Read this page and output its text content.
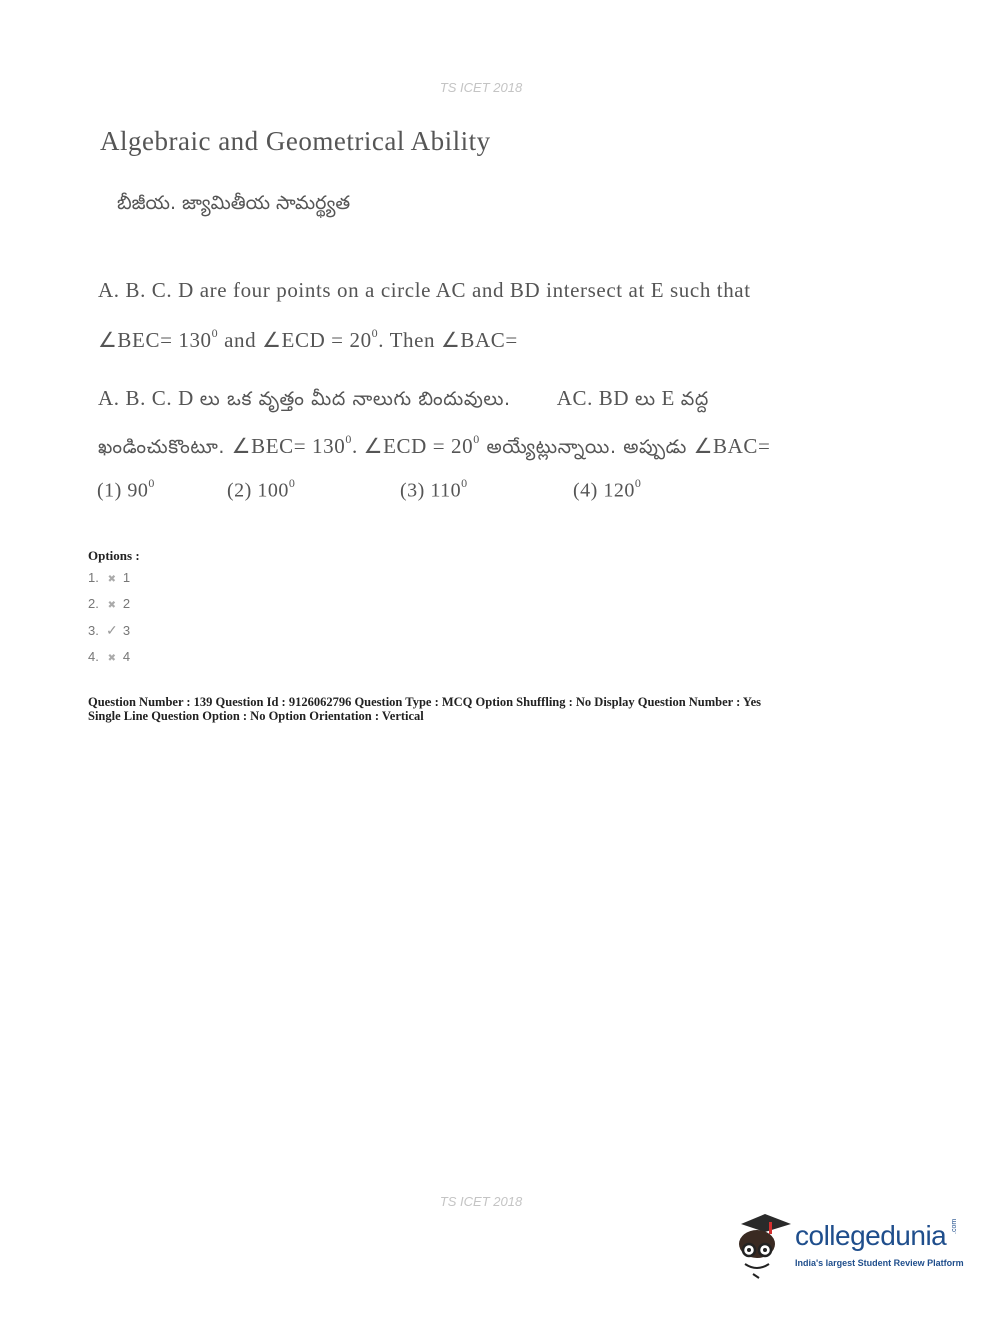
TS ICET 2018
Algebraic and Geometrical Ability
బీజీయ. జ్యామితీయ సామర్థ్యత
A. B. C. D are four points on a circle AC and BD intersect at E such that
∠BEC= $130^0$ and ∠ECD = $20^0$. Then ∠BAC=
A. B. C. D లు ఒక వృత్తం మీద నాలుగు బిందువులు. AC. BD లు E వద్ద
ఖండించుకొంటూ. ∠BEC= $130^0$. ∠ECD = $20^0$ అయ్యేట్లున్నాయి. అప్పుడు ∠BAC=
(1) $90^0$	(2) $100^0$	(3) $110^0$	(4) $120^0$
Options :
1. ✖ 1
2. ✖ 2
3. ✓ 3
4. ✖ 4
Question Number : 139 Question Id : 9126062796 Question Type : MCQ Option Shuffling : No Display Question Number : Yes
Single Line Question Option : No Option Orientation : Vertical
TS ICET 2018
collegedunia .com
India's largest Student Review Platform
